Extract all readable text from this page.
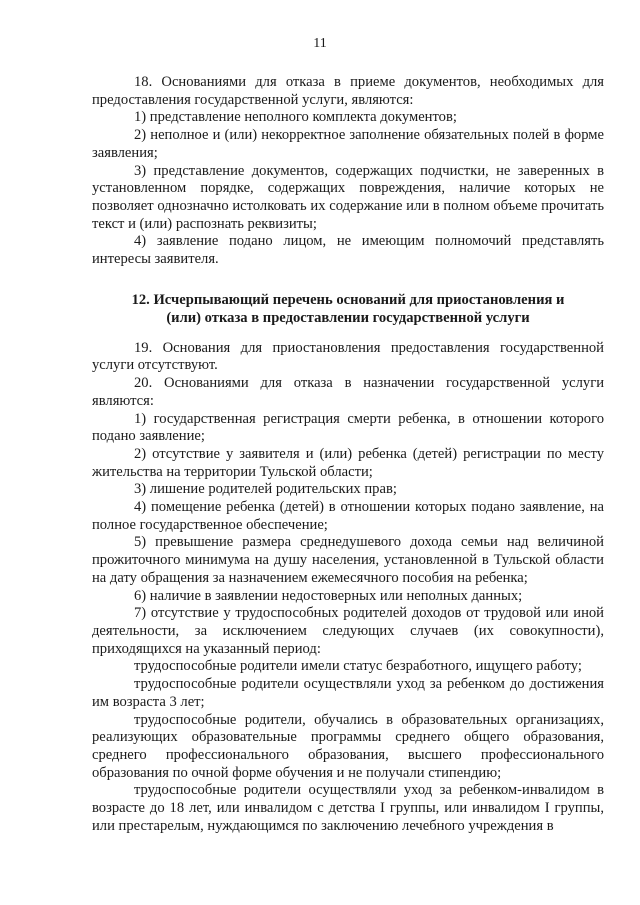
11

18. Основаниями для отказа в приеме документов, необходимых для предоставления государственной услуги, являются:

1) представление неполного комплекта документов;

2) неполное и (или) некорректное заполнение обязательных полей в форме заявления;

3) представление документов, содержащих подчистки, не заверенных в установленном порядке, содержащих повреждения, наличие которых не позволяет однозначно истолковать их содержание или в полном объеме прочитать текст и (или) распознать реквизиты;

4) заявление подано лицом, не имеющим полномочий представлять интересы заявителя.

12. Исчерпывающий перечень оснований для приостановления и
(или) отказа в предоставлении государственной услуги

19. Основания для приостановления предоставления государственной услуги отсутствуют.

20. Основаниями для отказа в назначении государственной услуги являются:

1) государственная регистрация смерти ребенка, в отношении которого подано заявление;

2) отсутствие у заявителя и (или) ребенка (детей) регистрации по месту жительства на территории Тульской области;

3) лишение родителей родительских прав;

4) помещение ребенка (детей) в отношении которых подано заявление, на полное государственное обеспечение;

5) превышение размера среднедушевого дохода семьи над величиной прожиточного минимума на душу населения, установленной в Тульской области на дату обращения за назначением ежемесячного пособия на ребенка;

6) наличие в заявлении недостоверных или неполных данных;

7) отсутствие у трудоспособных родителей доходов от трудовой или иной деятельности, за исключением следующих случаев (их совокупности), приходящихся на указанный период:

трудоспособные родители имели статус безработного, ищущего работу;

трудоспособные родители осуществляли уход за ребенком до достижения им возраста 3 лет;

трудоспособные родители, обучались в образовательных организациях, реализующих образовательные программы среднего общего образования, среднего профессионального образования, высшего профессионального образования по очной форме обучения и не получали стипендию;

трудоспособные родители осуществляли уход за ребенком-инвалидом в возрасте до 18 лет, или инвалидом с детства I группы, или инвалидом I группы, или престарелым, нуждающимся по заключению лечебного учреждения в
